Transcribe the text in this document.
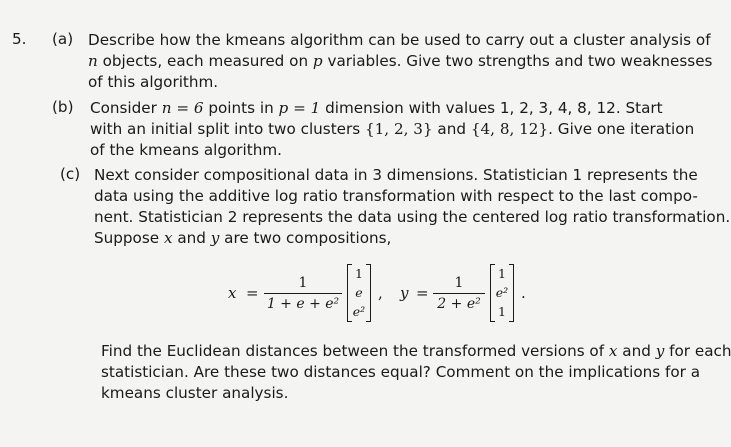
5. (a) Describe how the kmeans algorithm can be used to carry out a cluster analysis of
n objects, each measured on p variables. Give two strengths and two weaknesses
of this algorithm.
(b) Consider n = 6 points in p = 1 dimension with values 1, 2, 3, 4, 8, 12. Start
with an initial split into two clusters {1, 2, 3} and {4, 8, 12}. Give one iteration
of the kmeans algorithm.
(c) Next consider compositional data in 3 dimensions. Statistician 1 represents the
data using the additive log ratio transformation with respect to the last compo-
nent. Statistician 2 represents the data using the centered log ratio transformation.
Suppose x and y are two compositions,
x =
1
1 + e + e²
1
e
e²
, y =
1
2 + e²
1
e²
1
.
Find the Euclidean distances between the transformed versions of x and y for each
statistician. Are these two distances equal? Comment on the implications for a
kmeans cluster analysis.
